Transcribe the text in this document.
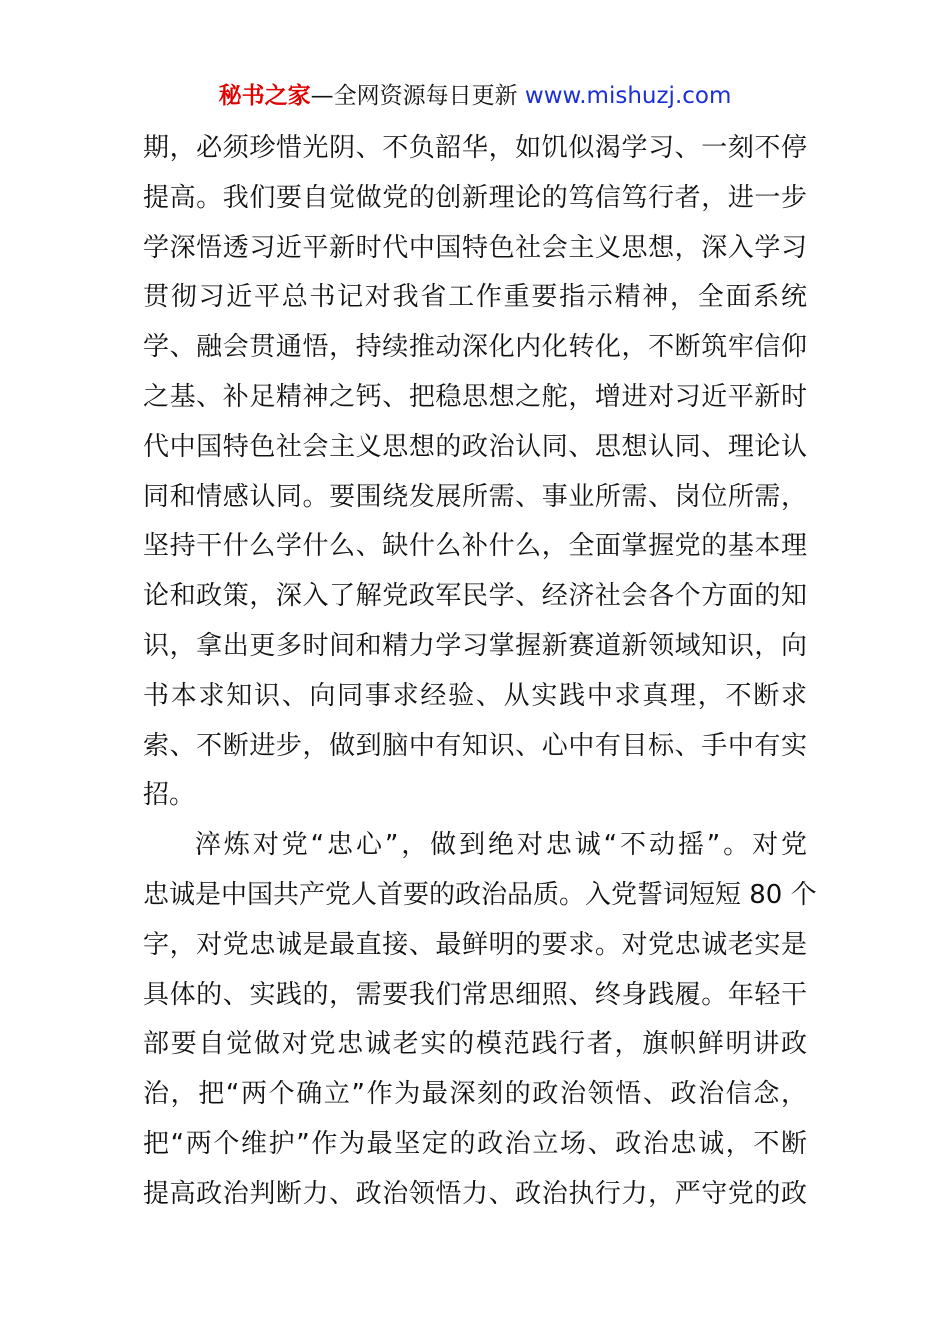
秘书之家—全网资源每日更新 www.mishuzj.com
期，必须珍惜光阴、不负韶华，如饥似渴学习、一刻不停
提高。我们要自觉做党的创新理论的笃信笃行者，进一步
学深悟透习近平新时代中国特色社会主义思想，深入学习
贯彻习近平总书记对我省工作重要指示精神，全面系统
学、融会贯通悟，持续推动深化内化转化，不断筑牢信仰
之基、补足精神之钙、把稳思想之舵，增进对习近平新时
代中国特色社会主义思想的政治认同、思想认同、理论认
同和情感认同。要围绕发展所需、事业所需、岗位所需，
坚持干什么学什么、缺什么补什么，全面掌握党的基本理
论和政策，深入了解党政军民学、经济社会各个方面的知
识，拿出更多时间和精力学习掌握新赛道新领域知识，向
书本求知识、向同事求经验、从实践中求真理，不断求
索、不断进步，做到脑中有知识、心中有目标、手中有实
招。
淬炼对党“忠心”，做到绝对忠诚“不动摇”。对党
忠诚是中国共产党人首要的政治品质。入党誓词短短 80 个
字，对党忠诚是最直接、最鲜明的要求。对党忠诚老实是
具体的、实践的，需要我们常思细照、终身践履。年轻干
部要自觉做对党忠诚老实的模范践行者，旗帜鲜明讲政
治，把“两个确立”作为最深刻的政治领悟、政治信念，
把“两个维护”作为最坚定的政治立场、政治忠诚，不断
提高政治判断力、政治领悟力、政治执行力，严守党的政
